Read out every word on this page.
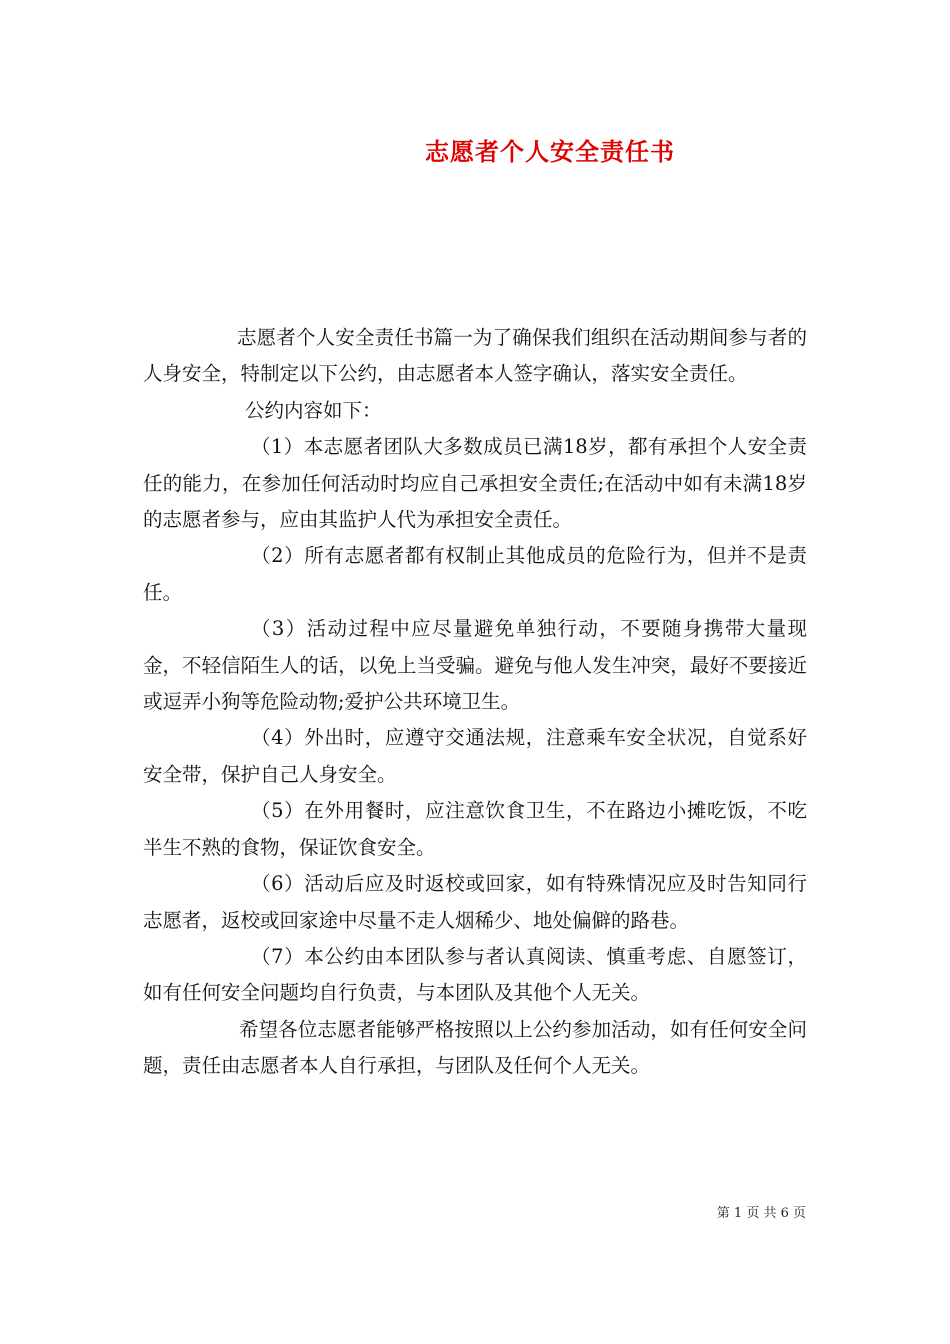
志愿者个人安全责任书

志愿者个人安全责任书篇一为了确保我们组织在活动期间参与者的人身安全，特制定以下公约，由志愿者本人签字确认，落实安全责任。

公约内容如下：

（1）本志愿者团队大多数成员已满18岁，都有承担个人安全责任的能力，在参加任何活动时均应自己承担安全责任;在活动中如有未满18岁的志愿者参与，应由其监护人代为承担安全责任。

（2）所有志愿者都有权制止其他成员的危险行为，但并不是责任。

（3）活动过程中应尽量避免单独行动，不要随身携带大量现金，不轻信陌生人的话，以免上当受骗。避免与他人发生冲突，最好不要接近或逗弄小狗等危险动物;爱护公共环境卫生。

（4）外出时，应遵守交通法规，注意乘车安全状况，自觉系好安全带，保护自己人身安全。

（5）在外用餐时，应注意饮食卫生，不在路边小摊吃饭，不吃半生不熟的食物，保证饮食安全。

（6）活动后应及时返校或回家，如有特殊情况应及时告知同行志愿者，返校或回家途中尽量不走人烟稀少、地处偏僻的路巷。

（7）本公约由本团队参与者认真阅读、慎重考虑、自愿签订，如有任何安全问题均自行负责，与本团队及其他个人无关。

希望各位志愿者能够严格按照以上公约参加活动，如有任何安全问题，责任由志愿者本人自行承担，与团队及任何个人无关。

第 1 页 共 6 页
